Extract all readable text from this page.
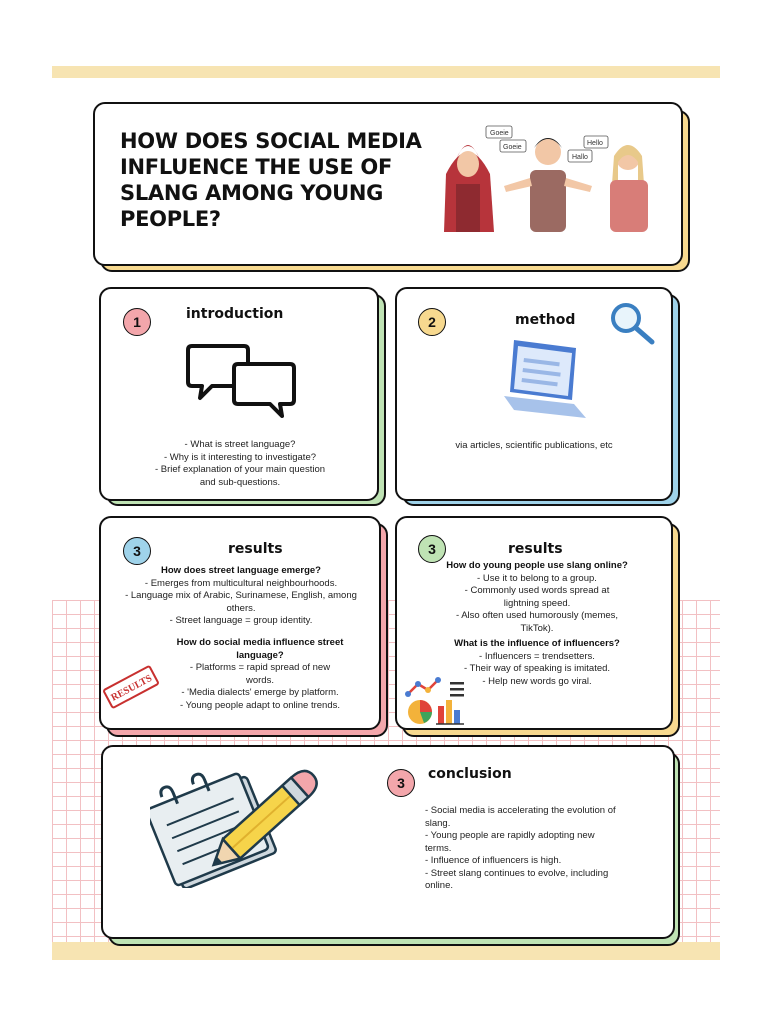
HOW DOES SOCIAL MEDIA INFLUENCE THE USE OF SLANG AMONG YOUNG PEOPLE?
Goeie
Goeie
Hallo
Hello
1	introduction
- What is street language?
- Why is it interesting to investigate?
- Brief explanation of your main question
and sub-questions.
2	method
via articles, scientific publications, etc
3	results
How does street language emerge?
- Emerges from multicultural neighbourhoods.
- Language mix of Arabic, Surinamese, English, among
others.
- Street language = group identity.
How do social media influence street language?
- Platforms = rapid spread of new
words.
- 'Media dialects' emerge by platform.
- Young people adapt to online trends.
RESULTS
3	results
How do young people use slang online?
- Use it to belong to a group.
- Commonly used words spread at
lightning speed.
- Also often used humorously (memes,
TikTok).
What is the influence of influencers?
- Influencers = trendsetters.
- Their way of speaking is imitated.
- Help new words go viral.
3
conclusion
- Social media is accelerating the evolution of
slang.
- Young people are rapidly adopting new
terms.
- Influence of influencers is high.
- Street slang continues to evolve, including
online.
